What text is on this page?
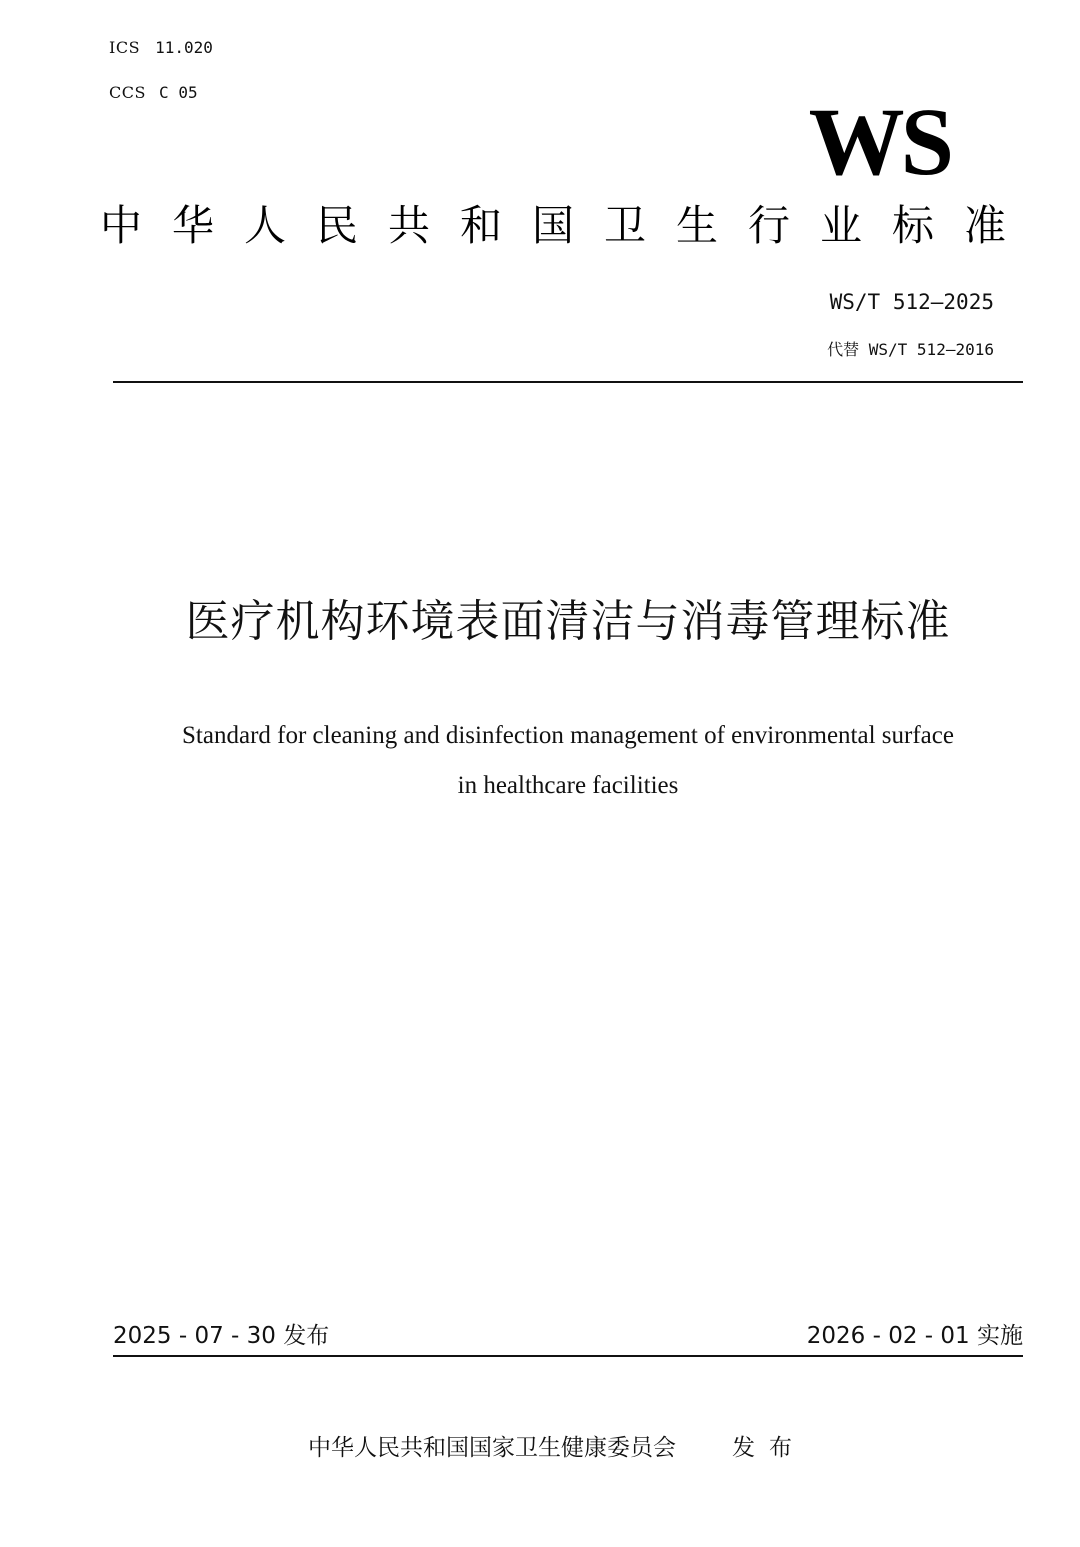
ICS 11.020
CCS C 05	WS
中华人民共和国卫生行业标准
WS/T 512—2025
代替 WS/T 512—2016
医疗机构环境表面清洁与消毒管理标准
Standard for cleaning and disinfection management of environmental surface
in healthcare facilities
2025 - 07 - 30 发布	2026 - 02 - 01 实施
中华人民共和国国家卫生健康委员会 发布
